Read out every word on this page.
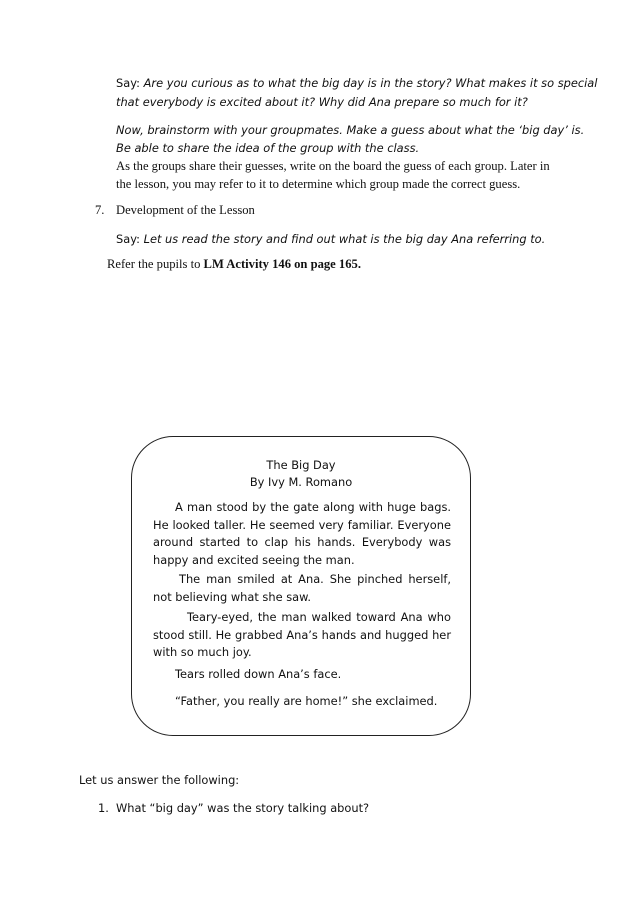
Say: Are you curious as to what the big day is in the story? What makes it so special

that everybody is excited about it? Why did Ana prepare so much for it?

Now, brainstorm with your groupmates. Make a guess about what the ‘big day’ is.

Be able to share the idea of the group with the class.

As the groups share their guesses, write on the board the guess of each group. Later in

the lesson, you may refer to it to determine which group made the correct guess.

7. Development of the Lesson

Say: Let us read the story and find out what is the big day Ana referring to.

Refer the pupils to LM Activity 146 on page 165.

The Big Day

By Ivy M. Romano

A man stood by the gate along with huge bags. He looked taller. He seemed very familiar. Everyone around started to clap his hands. Everybody was happy and excited seeing the man.

The man smiled at Ana. She pinched herself, not believing what she saw.

Teary-eyed, the man walked toward Ana who stood still. He grabbed Ana’s hands and hugged her with so much joy.

Tears rolled down Ana’s face.

“Father, you really are home!” she exclaimed.

Let us answer the following:

1. What “big day” was the story talking about?
